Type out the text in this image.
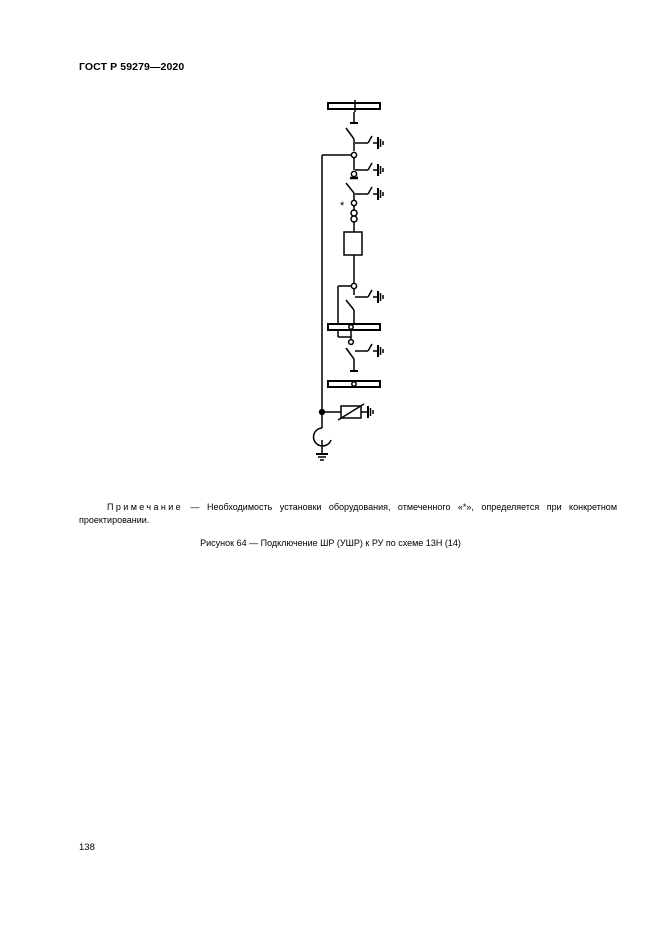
ГОСТ Р 59279—2020
*

Примечание — Необходимость установки оборудования, отмеченного «*», определяется при конкретном проектировании.

Рисунок 64 — Подключение ШР (УШР) к РУ по схеме 13Н (14)
138
